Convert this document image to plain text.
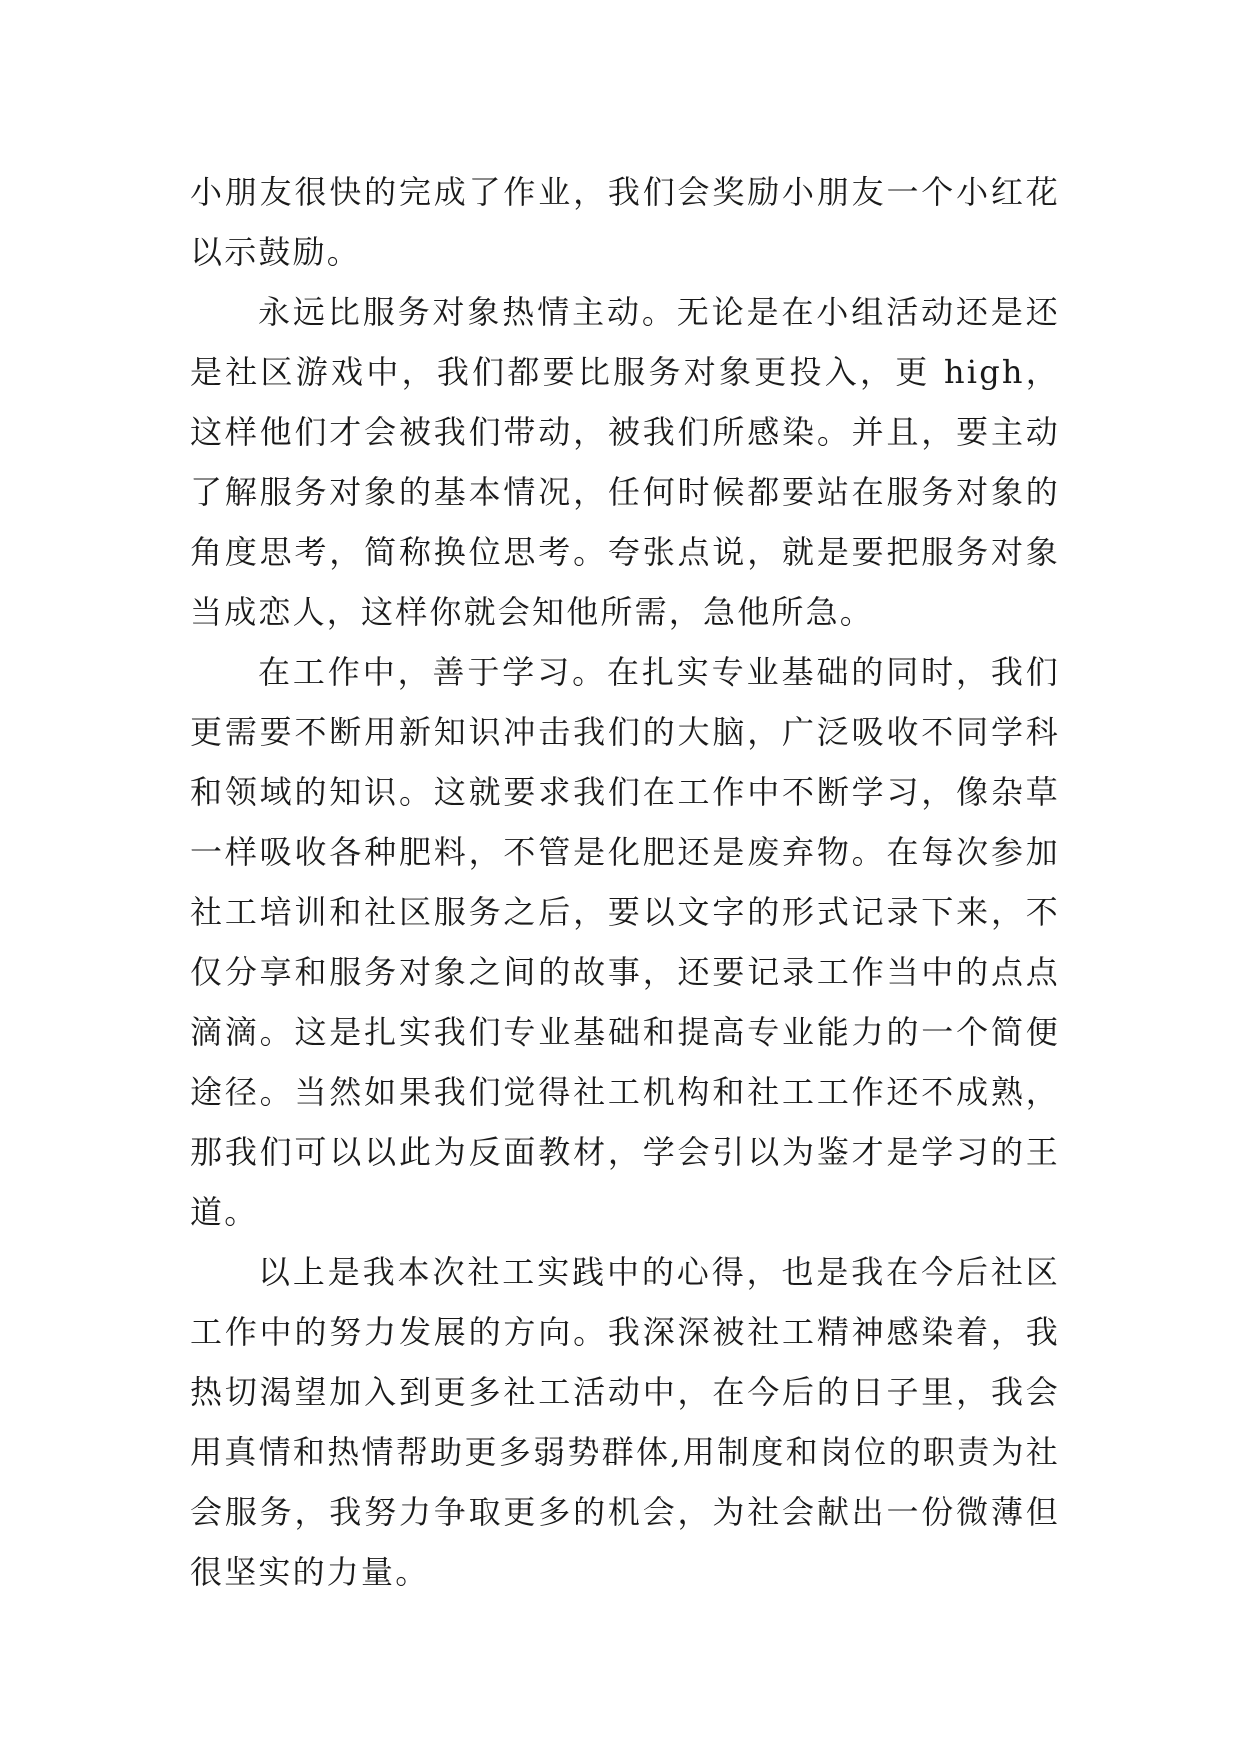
小朋友很快的完成了作业，我们会奖励小朋友一个小红花以示鼓励。

永远比服务对象热情主动。无论是在小组活动还是还是社区游戏中，我们都要比服务对象更投入，更 high，这样他们才会被我们带动，被我们所感染。并且，要主动了解服务对象的基本情况，任何时候都要站在服务对象的角度思考，简称换位思考。夸张点说，就是要把服务对象当成恋人，这样你就会知他所需，急他所急。

在工作中，善于学习。在扎实专业基础的同时，我们更需要不断用新知识冲击我们的大脑，广泛吸收不同学科和领域的知识。这就要求我们在工作中不断学习，像杂草一样吸收各种肥料，不管是化肥还是废弃物。在每次参加社工培训和社区服务之后，要以文字的形式记录下来，不仅分享和服务对象之间的故事，还要记录工作当中的点点滴滴。这是扎实我们专业基础和提高专业能力的一个简便途径。当然如果我们觉得社工机构和社工工作还不成熟，那我们可以以此为反面教材，学会引以为鉴才是学习的王道。

以上是我本次社工实践中的心得，也是我在今后社区工作中的努力发展的方向。我深深被社工精神感染着，我热切渴望加入到更多社工活动中，在今后的日子里，我会用真情和热情帮助更多弱势群体,用制度和岗位的职责为社会服务，我努力争取更多的机会，为社会献出一份微薄但很坚实的力量。
